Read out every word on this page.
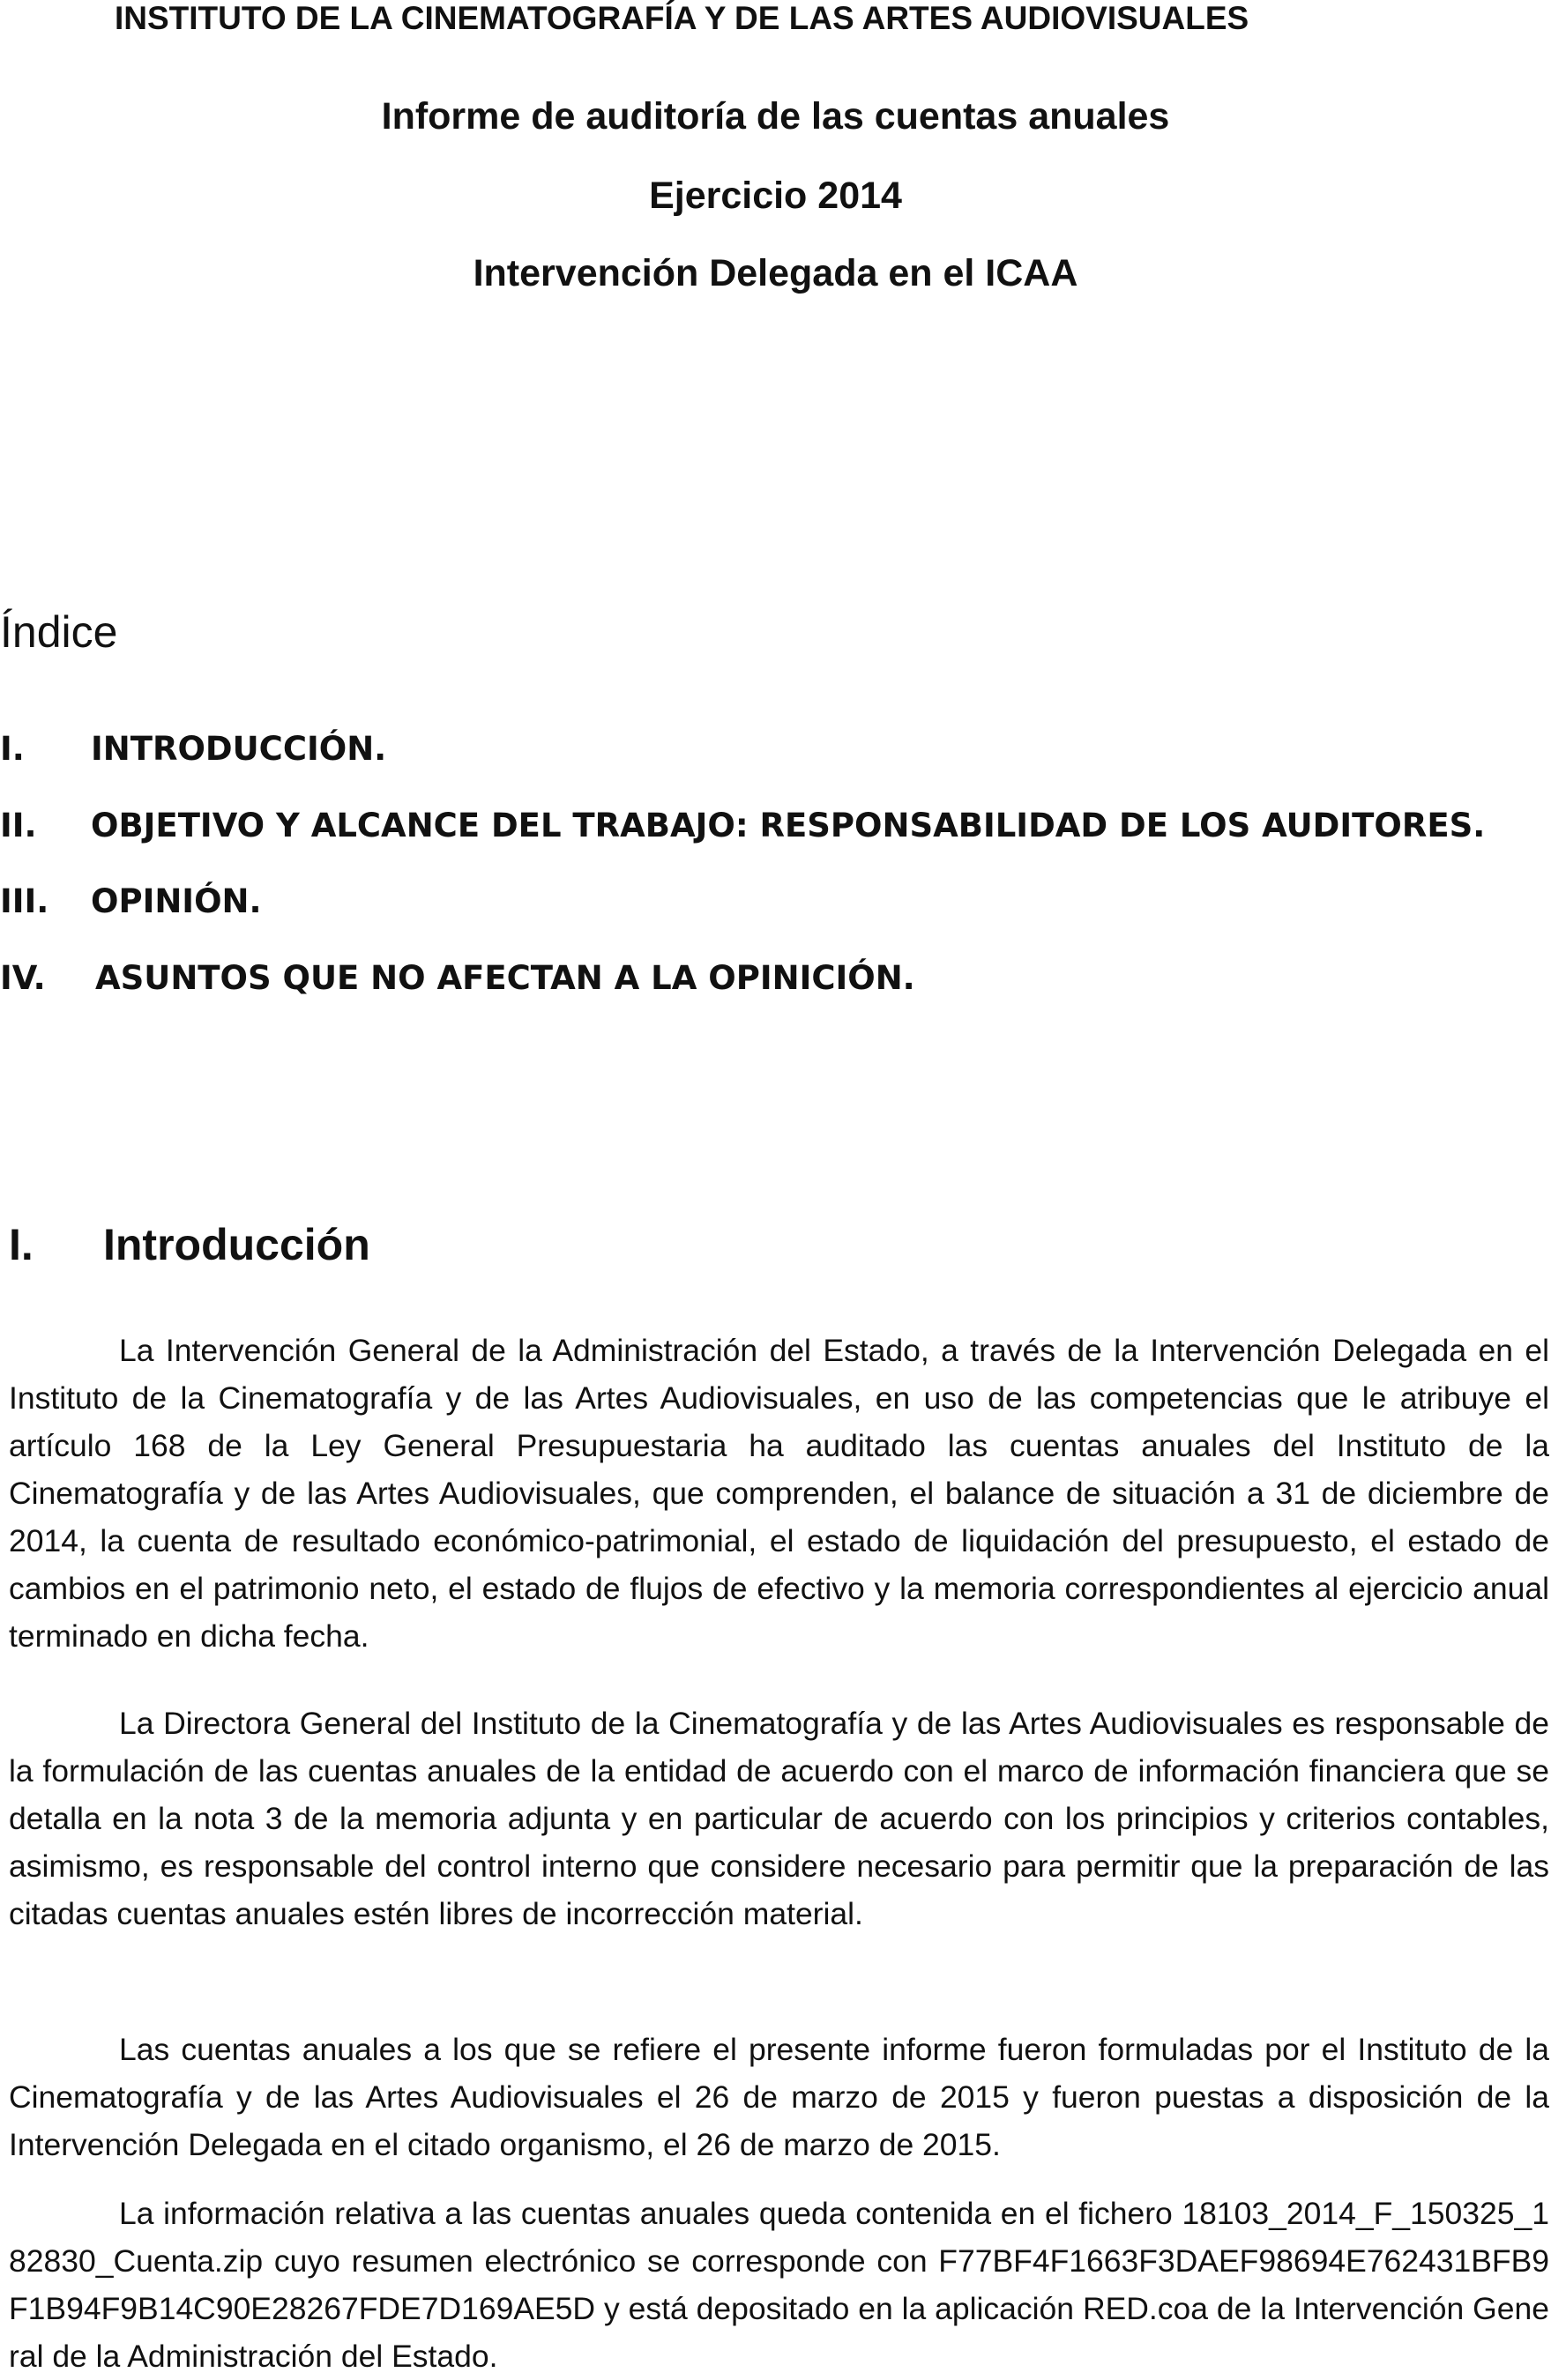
INSTITUTO DE LA CINEMATOGRAFÍA Y DE LAS ARTES AUDIOVISUALES
Informe de auditoría de las cuentas anuales
Ejercicio 2014
Intervención Delegada en el ICAA
Índice
I. INTRODUCCIÓN.
II. OBJETIVO Y ALCANCE DEL TRABAJO: RESPONSABILIDAD DE LOS AUDITORES.
III. OPINIÓN.
IV. ASUNTOS QUE NO AFECTAN A LA OPINICIÓN.
I. Introducción

La Intervención General de la Administración del Estado, a través de la Intervención Delegada en el Instituto de la Cinematografía y de las Artes Audiovisuales, en uso de las competencias que le atribuye el artículo 168 de la Ley General Presupuestaria ha auditado las cuentas anuales del Instituto de la Cinematografía y de las Artes Audiovisuales, que comprenden, el balance de situación a 31 de diciembre de 2014, la cuenta de resultado económico-patrimonial, el estado de liquidación del presupuesto, el estado de cambios en el patrimonio neto, el estado de flujos de efectivo y la memoria correspondientes al ejercicio anual terminado en dicha fecha.

La Directora General del Instituto de la Cinematografía y de las Artes Audiovisuales es responsable de la formulación de las cuentas anuales de la entidad de acuerdo con el marco de información financiera que se detalla en la nota 3 de la memoria adjunta y en particular de acuerdo con los principios y criterios contables, asimismo, es responsable del control interno que considere necesario para permitir que la preparación de las citadas cuentas anuales estén libres de incorrección material.

Las cuentas anuales a los que se refiere el presente informe fueron formuladas por el Instituto de la Cinematografía y de las Artes Audiovisuales el 26 de marzo de 2015 y fueron puestas a disposición de la Intervención Delegada en el citado organismo, el 26 de marzo de 2015.

La información relativa a las cuentas anuales queda contenida en el fichero 18103_2014_F_150325_182830_Cuenta.zip cuyo resumen electrónico se corresponde con F77BF4F1663F3DAEF98694E762431BFB9F1B94F9B14C90E28267FDE7D169AE5D y está depositado en la aplicación RED.coa de la Intervención General de la Administración del Estado.
